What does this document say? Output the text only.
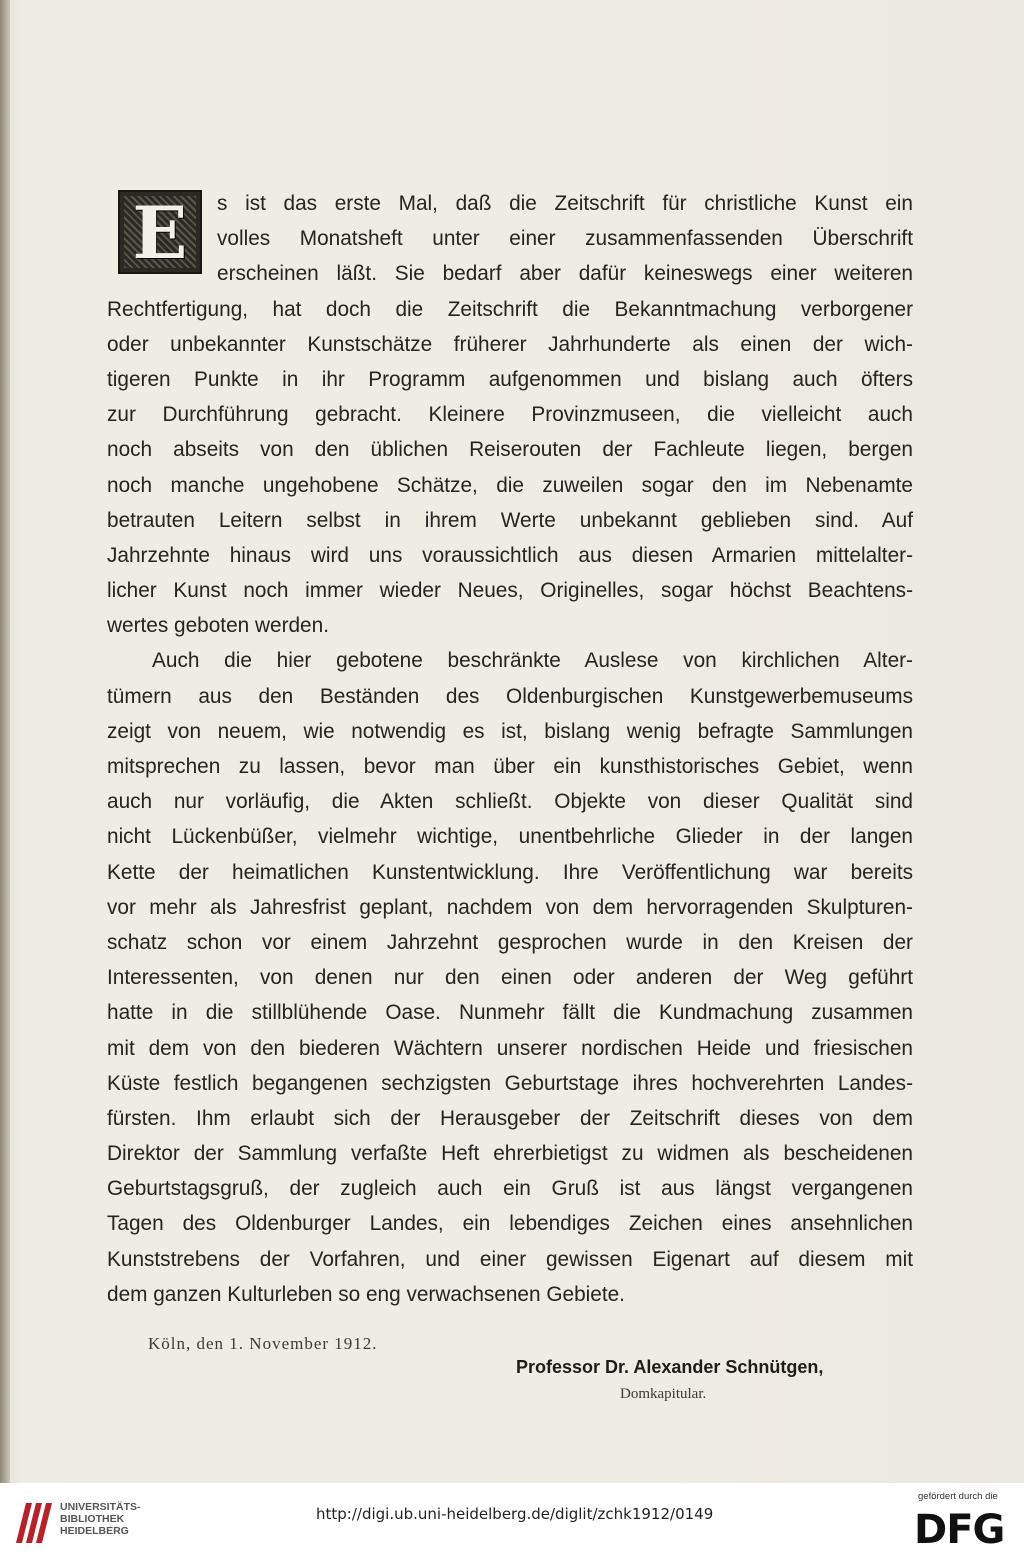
E	s ist das erste Mal, daß die Zeitschrift für christliche Kunst ein
volles Monatsheft unter einer zusammenfassenden Überschrift
erscheinen läßt. Sie bedarf aber dafür keineswegs einer weiteren
Rechtfertigung, hat doch die Zeitschrift die Bekanntmachung verborgener
oder unbekannter Kunstschätze früherer Jahrhunderte als einen der wich-
tigeren Punkte in ihr Programm aufgenommen und bislang auch öfters
zur Durchführung gebracht. Kleinere Provinzmuseen, die vielleicht auch
noch abseits von den üblichen Reiserouten der Fachleute liegen, bergen
noch manche ungehobene Schätze, die zuweilen sogar den im Nebenamte
betrauten Leitern selbst in ihrem Werte unbekannt geblieben sind. Auf
Jahrzehnte hinaus wird uns voraussichtlich aus diesen Armarien mittelalter-
licher Kunst noch immer wieder Neues, Originelles, sogar höchst Beachtens-
wertes geboten werden.
Auch die hier gebotene beschränkte Auslese von kirchlichen Alter-
tümern aus den Beständen des Oldenburgischen Kunstgewerbemuseums
zeigt von neuem, wie notwendig es ist, bislang wenig befragte Sammlungen
mitsprechen zu lassen, bevor man über ein kunsthistorisches Gebiet, wenn
auch nur vorläufig, die Akten schließt. Objekte von dieser Qualität sind
nicht Lückenbüßer, vielmehr wichtige, unentbehrliche Glieder in der langen
Kette der heimatlichen Kunstentwicklung. Ihre Veröffentlichung war bereits
vor mehr als Jahresfrist geplant, nachdem von dem hervorragenden Skulpturen-
schatz schon vor einem Jahrzehnt gesprochen wurde in den Kreisen der
Interessenten, von denen nur den einen oder anderen der Weg geführt
hatte in die stillblühende Oase. Nunmehr fällt die Kundmachung zusammen
mit dem von den biederen Wächtern unserer nordischen Heide und friesischen
Küste festlich begangenen sechzigsten Geburtstage ihres hochverehrten Landes-
fürsten. Ihm erlaubt sich der Herausgeber der Zeitschrift dieses von dem
Direktor der Sammlung verfaßte Heft ehrerbietigst zu widmen als bescheidenen
Geburtstagsgruß, der zugleich auch ein Gruß ist aus längst vergangenen
Tagen des Oldenburger Landes, ein lebendiges Zeichen eines ansehnlichen
Kunststrebens der Vorfahren, und einer gewissen Eigenart auf diesem mit
dem ganzen Kulturleben so eng verwachsenen Gebiete.
Köln, den 1. November 1912.
Professor Dr. Alexander Schnütgen,
Domkapitular.
UNIVERSITÄTS-
BIBLIOTHEK
HEIDELBERG
http://digi.ub.uni-heidelberg.de/diglit/zchk1912/0149
gefördert durch die
DFG
